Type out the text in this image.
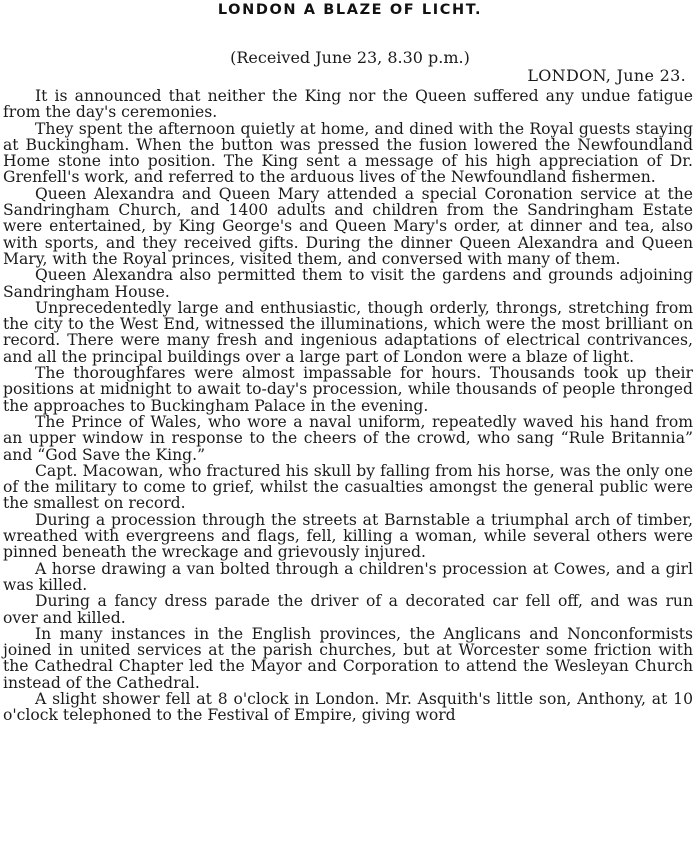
LONDON A BLAZE OF LICHT.
(Received June 23, 8.30 p.m.)
LONDON, June 23.

It is announced that neither the King nor the Queen suffered any undue fatigue from the day's ceremonies.

They spent the afternoon quietly at home, and dined with the Royal guests staying at Buckingham. When the button was pressed the fusion lowered the Newfoundland Home stone into position. The King sent a message of his high appreciation of Dr. Grenfell's work, and referred to the arduous lives of the Newfoundland fishermen.

Queen Alexandra and Queen Mary attended a special Coronation service at the Sandringham Church, and 1400 adults and children from the Sandringham Estate were entertained, by King George's and Queen Mary's order, at dinner and tea, also with sports, and they received gifts. During the dinner Queen Alexandra and Queen Mary, with the Royal princes, visited them, and conversed with many of them.

Queen Alexandra also permitted them to visit the gardens and grounds adjoining Sandringham House.

Unprecedentedly large and enthusiastic, though orderly, throngs, stretching from the city to the West End, witnessed the illuminations, which were the most brilliant on record. There were many fresh and ingenious adaptations of electrical contrivances, and all the principal buildings over a large part of London were a blaze of light.

The thoroughfares were almost impassable for hours. Thousands took up their positions at midnight to await to-day's procession, while thousands of people thronged the approaches to Buckingham Palace in the evening.

The Prince of Wales, who wore a naval uniform, repeatedly waved his hand from an upper window in response to the cheers of the crowd, who sang “Rule Britannia” and “God Save the King.”

Capt. Macowan, who fractured his skull by falling from his horse, was the only one of the military to come to grief, whilst the casualties amongst the general public were the smallest on record.

During a procession through the streets at Barnstable a triumphal arch of timber, wreathed with evergreens and flags, fell, killing a woman, while several others were pinned beneath the wreckage and grievously injured.

A horse drawing a van bolted through a children's procession at Cowes, and a girl was killed.

During a fancy dress parade the driver of a decorated car fell off, and was run over and killed.

In many instances in the English provinces, the Anglicans and Nonconformists joined in united services at the parish churches, but at Worcester some friction with the Cathedral Chapter led the Mayor and Corporation to attend the Wesleyan Church instead of the Cathedral.

A slight shower fell at 8 o'clock in London. Mr. Asquith's little son, Anthony, at 10 o'clock telephoned to the Festival of Empire, giving word
